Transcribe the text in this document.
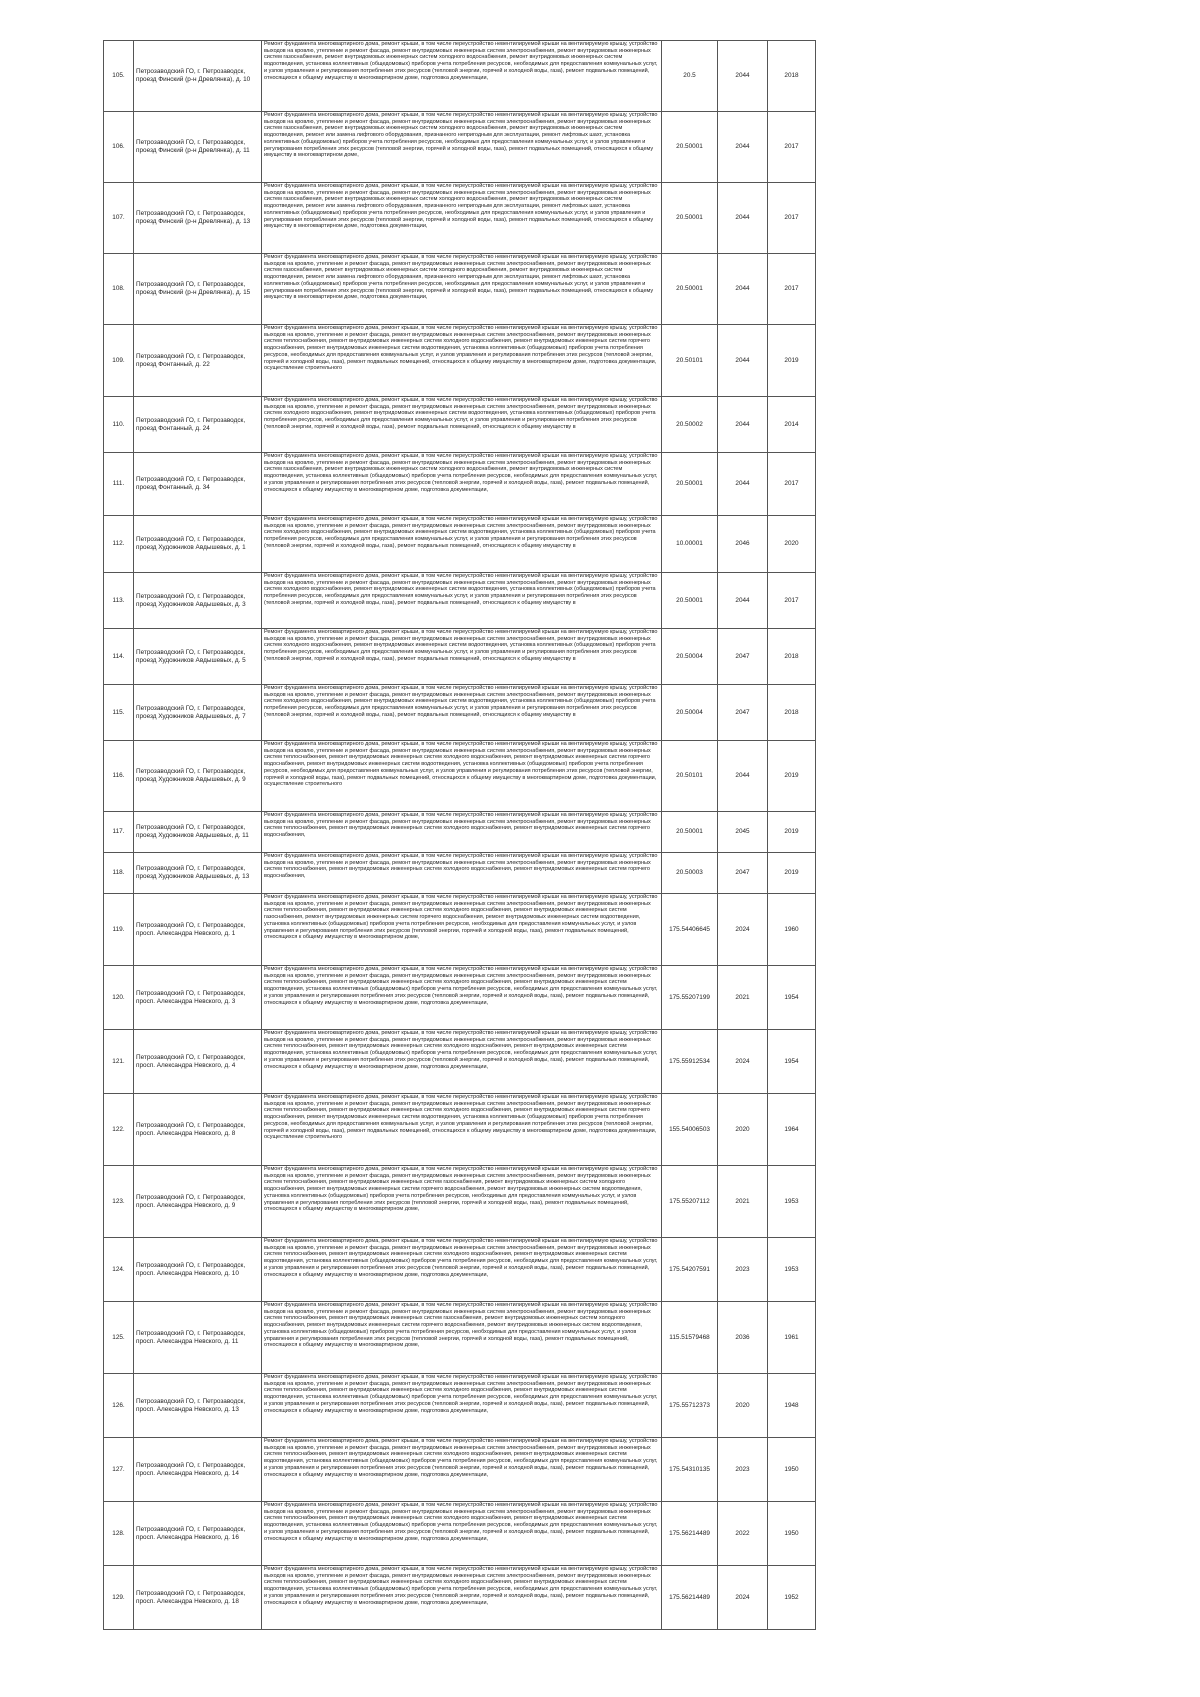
105.	Петрозаводский ГО, г. Петрозаводск, проезд Финский (р-н Древлянка), д. 10	Ремонт фундамента многоквартирного дома, ремонт крыши, в том числе переустройство невентилируемой крыши на вентилируемую крышу, устройство выходов на кровлю, утепление и ремонт фасада, ремонт внутридомовых инженерных систем электроснабжения, ремонт внутридомовых инженерных систем газоснабжения, ремонт внутридомовых инженерных систем холодного водоснабжения, ремонт внутридомовых инженерных систем водоотведения, установка коллективных (общедомовых) приборов учета потребления ресурсов, необходимых для предоставления коммунальных услуг, и узлов управления и регулирования потребления этих ресурсов (тепловой энергии, горячей и холодной воды, газа), ремонт подвальных помещений, относящихся к общему имуществу в многоквартирном доме, подготовка документации,	20.5	2044	2018
106.	Петрозаводский ГО, г. Петрозаводск, проезд Финский (р-н Древлянка), д. 11	Ремонт фундамента многоквартирного дома, ремонт крыши, в том числе переустройство невентилируемой крыши на вентилируемую крышу, устройство выходов на кровлю, утепление и ремонт фасада, ремонт внутридомовых инженерных систем электроснабжения, ремонт внутридомовых инженерных систем газоснабжения, ремонт внутридомовых инженерных систем холодного водоснабжения, ремонт внутридомовых инженерных систем водоотведения, ремонт или замена лифтового оборудования, признанного непригодным для эксплуатации, ремонт лифтовых шахт, установка коллективных (общедомовых) приборов учета потребления ресурсов, необходимых для предоставления коммунальных услуг, и узлов управления и регулирования потребления этих ресурсов (тепловой энергии, горячей и холодной воды, газа), ремонт подвальных помещений, относящихся к общему имуществу в многоквартирном доме,	20.50001	2044	2017
107.	Петрозаводский ГО, г. Петрозаводск, проезд Финский (р-н Древлянка), д. 13	Ремонт фундамента многоквартирного дома, ремонт крыши, в том числе переустройство невентилируемой крыши на вентилируемую крышу, устройство выходов на кровлю, утепление и ремонт фасада, ремонт внутридомовых инженерных систем электроснабжения, ремонт внутридомовых инженерных систем газоснабжения, ремонт внутридомовых инженерных систем холодного водоснабжения, ремонт внутридомовых инженерных систем водоотведения, ремонт или замена лифтового оборудования, признанного непригодным для эксплуатации, ремонт лифтовых шахт, установка коллективных (общедомовых) приборов учета потребления ресурсов, необходимых для предоставления коммунальных услуг, и узлов управления и регулирования потребления этих ресурсов (тепловой энергии, горячей и холодной воды, газа), ремонт подвальных помещений, относящихся к общему имуществу в многоквартирном доме, подготовка документации,	20.50001	2044	2017
108.	Петрозаводский ГО, г. Петрозаводск, проезд Финский (р-н Древлянка), д. 15	Ремонт фундамента многоквартирного дома, ремонт крыши, в том числе переустройство невентилируемой крыши на вентилируемую крышу, устройство выходов на кровлю, утепление и ремонт фасада, ремонт внутридомовых инженерных систем электроснабжения, ремонт внутридомовых инженерных систем газоснабжения, ремонт внутридомовых инженерных систем холодного водоснабжения, ремонт внутридомовых инженерных систем водоотведения, ремонт или замена лифтового оборудования, признанного непригодным для эксплуатации, ремонт лифтовых шахт, установка коллективных (общедомовых) приборов учета потребления ресурсов, необходимых для предоставления коммунальных услуг, и узлов управления и регулирования потребления этих ресурсов (тепловой энергии, горячей и холодной воды, газа), ремонт подвальных помещений, относящихся к общему имуществу в многоквартирном доме, подготовка документации,	20.50001	2044	2017
109.	Петрозаводский ГО, г. Петрозаводск, проезд Фонтанный, д. 22	Ремонт фундамента многоквартирного дома, ремонт крыши, в том числе переустройство невентилируемой крыши на вентилируемую крышу, устройство выходов на кровлю, утепление и ремонт фасада, ремонт внутридомовых инженерных систем электроснабжения, ремонт внутридомовых инженерных систем теплоснабжения, ремонт внутридомовых инженерных систем холодного водоснабжения, ремонт внутридомовых инженерных систем горячего водоснабжения, ремонт внутридомовых инженерных систем водоотведения, установка коллективных (общедомовых) приборов учета потребления ресурсов, необходимых для предоставления коммунальных услуг, и узлов управления и регулирования потребления этих ресурсов (тепловой энергии, горячей и холодной воды, газа), ремонт подвальных помещений, относящихся к общему имуществу в многоквартирном доме, подготовка документации, осуществление строительного	20.50101	2044	2019
110.	Петрозаводский ГО, г. Петрозаводск, проезд Фонтанный, д. 24	Ремонт фундамента многоквартирного дома, ремонт крыши, в том числе переустройство невентилируемой крыши на вентилируемую крышу, устройство выходов на кровлю, утепление и ремонт фасада, ремонт внутридомовых инженерных систем электроснабжения, ремонт внутридомовых инженерных систем холодного водоснабжения, ремонт внутридомовых инженерных систем водоотведения, установка коллективных (общедомовых) приборов учета потребления ресурсов, необходимых для предоставления коммунальных услуг, и узлов управления и регулирования потребления этих ресурсов (тепловой энергии, горячей и холодной воды, газа), ремонт подвальных помещений, относящихся к общему имуществу в	20.50002	2044	2014
111.	Петрозаводский ГО, г. Петрозаводск, проезд Фонтанный, д. 34	Ремонт фундамента многоквартирного дома, ремонт крыши, в том числе переустройство невентилируемой крыши на вентилируемую крышу, устройство выходов на кровлю, утепление и ремонт фасада, ремонт внутридомовых инженерных систем электроснабжения, ремонт внутридомовых инженерных систем газоснабжения, ремонт внутридомовых инженерных систем холодного водоснабжения, ремонт внутридомовых инженерных систем водоотведения, установка коллективных (общедомовых) приборов учета потребления ресурсов, необходимых для предоставления коммунальных услуг, и узлов управления и регулирования потребления этих ресурсов (тепловой энергии, горячей и холодной воды, газа), ремонт подвальных помещений, относящихся к общему имуществу в многоквартирном доме, подготовка документации,	20.50001	2044	2017
112.	Петрозаводский ГО, г. Петрозаводск, проезд Художников Авдышевых, д. 1	Ремонт фундамента многоквартирного дома, ремонт крыши, в том числе переустройство невентилируемой крыши на вентилируемую крышу, устройство выходов на кровлю, утепление и ремонт фасада, ремонт внутридомовых инженерных систем электроснабжения, ремонт внутридомовых инженерных систем холодного водоснабжения, ремонт внутридомовых инженерных систем водоотведения, установка коллективных (общедомовых) приборов учета потребления ресурсов, необходимых для предоставления коммунальных услуг, и узлов управления и регулирования потребления этих ресурсов (тепловой энергии, горячей и холодной воды, газа), ремонт подвальных помещений, относящихся к общему имуществу в	10.00001	2046	2020
113.	Петрозаводский ГО, г. Петрозаводск, проезд Художников Авдышевых, д. 3	Ремонт фундамента многоквартирного дома, ремонт крыши, в том числе переустройство невентилируемой крыши на вентилируемую крышу, устройство выходов на кровлю, утепление и ремонт фасада, ремонт внутридомовых инженерных систем электроснабжения, ремонт внутридомовых инженерных систем холодного водоснабжения, ремонт внутридомовых инженерных систем водоотведения, установка коллективных (общедомовых) приборов учета потребления ресурсов, необходимых для предоставления коммунальных услуг, и узлов управления и регулирования потребления этих ресурсов (тепловой энергии, горячей и холодной воды, газа), ремонт подвальных помещений, относящихся к общему имуществу в	20.50001	2044	2017
114.	Петрозаводский ГО, г. Петрозаводск, проезд Художников Авдышевых, д. 5	Ремонт фундамента многоквартирного дома, ремонт крыши, в том числе переустройство невентилируемой крыши на вентилируемую крышу, устройство выходов на кровлю, утепление и ремонт фасада, ремонт внутридомовых инженерных систем электроснабжения, ремонт внутридомовых инженерных систем холодного водоснабжения, ремонт внутридомовых инженерных систем водоотведения, установка коллективных (общедомовых) приборов учета потребления ресурсов, необходимых для предоставления коммунальных услуг, и узлов управления и регулирования потребления этих ресурсов (тепловой энергии, горячей и холодной воды, газа), ремонт подвальных помещений, относящихся к общему имуществу в	20.50004	2047	2018
115.	Петрозаводский ГО, г. Петрозаводск, проезд Художников Авдышевых, д. 7	Ремонт фундамента многоквартирного дома, ремонт крыши, в том числе переустройство невентилируемой крыши на вентилируемую крышу, устройство выходов на кровлю, утепление и ремонт фасада, ремонт внутридомовых инженерных систем электроснабжения, ремонт внутридомовых инженерных систем холодного водоснабжения, ремонт внутридомовых инженерных систем водоотведения, установка коллективных (общедомовых) приборов учета потребления ресурсов, необходимых для предоставления коммунальных услуг, и узлов управления и регулирования потребления этих ресурсов (тепловой энергии, горячей и холодной воды, газа), ремонт подвальных помещений, относящихся к общему имуществу в	20.50004	2047	2018
116.	Петрозаводский ГО, г. Петрозаводск, проезд Художников Авдышевых, д. 9	Ремонт фундамента многоквартирного дома, ремонт крыши, в том числе переустройство невентилируемой крыши на вентилируемую крышу, устройство выходов на кровлю, утепление и ремонт фасада, ремонт внутридомовых инженерных систем электроснабжения, ремонт внутридомовых инженерных систем теплоснабжения, ремонт внутридомовых инженерных систем холодного водоснабжения, ремонт внутридомовых инженерных систем горячего водоснабжения, ремонт внутридомовых инженерных систем водоотведения, установка коллективных (общедомовых) приборов учета потребления ресурсов, необходимых для предоставления коммунальных услуг, и узлов управления и регулирования потребления этих ресурсов (тепловой энергии, горячей и холодной воды, газа), ремонт подвальных помещений, относящихся к общему имуществу в многоквартирном доме, подготовка документации, осуществление строительного	20.50101	2044	2019
117.	Петрозаводский ГО, г. Петрозаводск, проезд Художников Авдышевых, д. 11	Ремонт фундамента многоквартирного дома, ремонт крыши, в том числе переустройство невентилируемой крыши на вентилируемую крышу, устройство выходов на кровлю, утепление и ремонт фасада, ремонт внутридомовых инженерных систем электроснабжения, ремонт внутридомовых инженерных систем теплоснабжения, ремонт внутридомовых инженерных систем холодного водоснабжения, ремонт внутридомовых инженерных систем горячего водоснабжения,	20.50001	2045	2019
118.	Петрозаводский ГО, г. Петрозаводск, проезд Художников Авдышевых, д. 13	Ремонт фундамента многоквартирного дома, ремонт крыши, в том числе переустройство невентилируемой крыши на вентилируемую крышу, устройство выходов на кровлю, утепление и ремонт фасада, ремонт внутридомовых инженерных систем электроснабжения, ремонт внутридомовых инженерных систем теплоснабжения, ремонт внутридомовых инженерных систем холодного водоснабжения, ремонт внутридомовых инженерных систем горячего водоснабжения,	20.50003	2047	2019
119.	Петрозаводский ГО, г. Петрозаводск, просп. Александра Невского, д. 1	Ремонт фундамента многоквартирного дома, ремонт крыши, в том числе переустройство невентилируемой крыши на вентилируемую крышу, устройство выходов на кровлю, утепление и ремонт фасада, ремонт внутридомовых инженерных систем электроснабжения, ремонт внутридомовых инженерных систем теплоснабжения, ремонт внутридомовых инженерных систем холодного водоснабжения, ремонт внутридомовых инженерных систем газоснабжения, ремонт внутридомовых инженерных систем горячего водоснабжения, ремонт внутридомовых инженерных систем водоотведения, установка коллективных (общедомовых) приборов учета потребления ресурсов, необходимых для предоставления коммунальных услуг, и узлов управления и регулирования потребления этих ресурсов (тепловой энергии, горячей и холодной воды, газа), ремонт подвальных помещений, относящихся к общему имуществу в многоквартирном доме,	175.54406645	2024	1960
120.	Петрозаводский ГО, г. Петрозаводск, просп. Александра Невского, д. 3	Ремонт фундамента многоквартирного дома, ремонт крыши, в том числе переустройство невентилируемой крыши на вентилируемую крышу, устройство выходов на кровлю, утепление и ремонт фасада, ремонт внутридомовых инженерных систем электроснабжения, ремонт внутридомовых инженерных систем теплоснабжения, ремонт внутридомовых инженерных систем холодного водоснабжения, ремонт внутридомовых инженерных систем водоотведения, установка коллективных (общедомовых) приборов учета потребления ресурсов, необходимых для предоставления коммунальных услуг, и узлов управления и регулирования потребления этих ресурсов (тепловой энергии, горячей и холодной воды, газа), ремонт подвальных помещений, относящихся к общему имуществу в многоквартирном доме, подготовка документации,	175.55207199	2021	1954
121.	Петрозаводский ГО, г. Петрозаводск, просп. Александра Невского, д. 4	Ремонт фундамента многоквартирного дома, ремонт крыши, в том числе переустройство невентилируемой крыши на вентилируемую крышу, устройство выходов на кровлю, утепление и ремонт фасада, ремонт внутридомовых инженерных систем электроснабжения, ремонт внутридомовых инженерных систем теплоснабжения, ремонт внутридомовых инженерных систем холодного водоснабжения, ремонт внутридомовых инженерных систем водоотведения, установка коллективных (общедомовых) приборов учета потребления ресурсов, необходимых для предоставления коммунальных услуг, и узлов управления и регулирования потребления этих ресурсов (тепловой энергии, горячей и холодной воды, газа), ремонт подвальных помещений, относящихся к общему имуществу в многоквартирном доме, подготовка документации,	175.55912534	2024	1954
122.	Петрозаводский ГО, г. Петрозаводск, просп. Александра Невского, д. 8	Ремонт фундамента многоквартирного дома, ремонт крыши, в том числе переустройство невентилируемой крыши на вентилируемую крышу, устройство выходов на кровлю, утепление и ремонт фасада, ремонт внутридомовых инженерных систем электроснабжения, ремонт внутридомовых инженерных систем теплоснабжения, ремонт внутридомовых инженерных систем холодного водоснабжения, ремонт внутридомовых инженерных систем горячего водоснабжения, ремонт внутридомовых инженерных систем водоотведения, установка коллективных (общедомовых) приборов учета потребления ресурсов, необходимых для предоставления коммунальных услуг, и узлов управления и регулирования потребления этих ресурсов (тепловой энергии, горячей и холодной воды, газа), ремонт подвальных помещений, относящихся к общему имуществу в многоквартирном доме, подготовка документации, осуществление строительного	155.54006503	2020	1964
123.	Петрозаводский ГО, г. Петрозаводск, просп. Александра Невского, д. 9	Ремонт фундамента многоквартирного дома, ремонт крыши, в том числе переустройство невентилируемой крыши на вентилируемую крышу, устройство выходов на кровлю, утепление и ремонт фасада, ремонт внутридомовых инженерных систем электроснабжения, ремонт внутридомовых инженерных систем теплоснабжения, ремонт внутридомовых инженерных систем газоснабжения, ремонт внутридомовых инженерных систем холодного водоснабжения, ремонт внутридомовых инженерных систем горячего водоснабжения, ремонт внутридомовых инженерных систем водоотведения, установка коллективных (общедомовых) приборов учета потребления ресурсов, необходимых для предоставления коммунальных услуг, и узлов управления и регулирования потребления этих ресурсов (тепловой энергии, горячей и холодной воды, газа), ремонт подвальных помещений, относящихся к общему имуществу в многоквартирном доме,	175.55207112	2021	1953
124.	Петрозаводский ГО, г. Петрозаводск, просп. Александра Невского, д. 10	Ремонт фундамента многоквартирного дома, ремонт крыши, в том числе переустройство невентилируемой крыши на вентилируемую крышу, устройство выходов на кровлю, утепление и ремонт фасада, ремонт внутридомовых инженерных систем электроснабжения, ремонт внутридомовых инженерных систем теплоснабжения, ремонт внутридомовых инженерных систем холодного водоснабжения, ремонт внутридомовых инженерных систем водоотведения, установка коллективных (общедомовых) приборов учета потребления ресурсов, необходимых для предоставления коммунальных услуг, и узлов управления и регулирования потребления этих ресурсов (тепловой энергии, горячей и холодной воды, газа), ремонт подвальных помещений, относящихся к общему имуществу в многоквартирном доме, подготовка документации,	175.54207591	2023	1953
125.	Петрозаводский ГО, г. Петрозаводск, просп. Александра Невского, д. 11	Ремонт фундамента многоквартирного дома, ремонт крыши, в том числе переустройство невентилируемой крыши на вентилируемую крышу, устройство выходов на кровлю, утепление и ремонт фасада, ремонт внутридомовых инженерных систем электроснабжения, ремонт внутридомовых инженерных систем теплоснабжения, ремонт внутридомовых инженерных систем газоснабжения, ремонт внутридомовых инженерных систем холодного водоснабжения, ремонт внутридомовых инженерных систем горячего водоснабжения, ремонт внутридомовых инженерных систем водоотведения, установка коллективных (общедомовых) приборов учета потребления ресурсов, необходимых для предоставления коммунальных услуг, и узлов управления и регулирования потребления этих ресурсов (тепловой энергии, горячей и холодной воды, газа), ремонт подвальных помещений, относящихся к общему имуществу в многоквартирном доме,	115.51579468	2036	1961
126.	Петрозаводский ГО, г. Петрозаводск, просп. Александра Невского, д. 13	Ремонт фундамента многоквартирного дома, ремонт крыши, в том числе переустройство невентилируемой крыши на вентилируемую крышу, устройство выходов на кровлю, утепление и ремонт фасада, ремонт внутридомовых инженерных систем электроснабжения, ремонт внутридомовых инженерных систем теплоснабжения, ремонт внутридомовых инженерных систем холодного водоснабжения, ремонт внутридомовых инженерных систем водоотведения, установка коллективных (общедомовых) приборов учета потребления ресурсов, необходимых для предоставления коммунальных услуг, и узлов управления и регулирования потребления этих ресурсов (тепловой энергии, горячей и холодной воды, газа), ремонт подвальных помещений, относящихся к общему имуществу в многоквартирном доме, подготовка документации,	175.55712373	2020	1948
127.	Петрозаводский ГО, г. Петрозаводск, просп. Александра Невского, д. 14	Ремонт фундамента многоквартирного дома, ремонт крыши, в том числе переустройство невентилируемой крыши на вентилируемую крышу, устройство выходов на кровлю, утепление и ремонт фасада, ремонт внутридомовых инженерных систем электроснабжения, ремонт внутридомовых инженерных систем теплоснабжения, ремонт внутридомовых инженерных систем холодного водоснабжения, ремонт внутридомовых инженерных систем водоотведения, установка коллективных (общедомовых) приборов учета потребления ресурсов, необходимых для предоставления коммунальных услуг, и узлов управления и регулирования потребления этих ресурсов (тепловой энергии, горячей и холодной воды, газа), ремонт подвальных помещений, относящихся к общему имуществу в многоквартирном доме, подготовка документации,	175.54310135	2023	1950
128.	Петрозаводский ГО, г. Петрозаводск, просп. Александра Невского, д. 16	Ремонт фундамента многоквартирного дома, ремонт крыши, в том числе переустройство невентилируемой крыши на вентилируемую крышу, устройство выходов на кровлю, утепление и ремонт фасада, ремонт внутридомовых инженерных систем электроснабжения, ремонт внутридомовых инженерных систем теплоснабжения, ремонт внутридомовых инженерных систем холодного водоснабжения, ремонт внутридомовых инженерных систем водоотведения, установка коллективных (общедомовых) приборов учета потребления ресурсов, необходимых для предоставления коммунальных услуг, и узлов управления и регулирования потребления этих ресурсов (тепловой энергии, горячей и холодной воды, газа), ремонт подвальных помещений, относящихся к общему имуществу в многоквартирном доме, подготовка документации,	175.56214489	2022	1950
129.	Петрозаводский ГО, г. Петрозаводск, просп. Александра Невского, д. 18	Ремонт фундамента многоквартирного дома, ремонт крыши, в том числе переустройство невентилируемой крыши на вентилируемую крышу, устройство выходов на кровлю, утепление и ремонт фасада, ремонт внутридомовых инженерных систем электроснабжения, ремонт внутридомовых инженерных систем теплоснабжения, ремонт внутридомовых инженерных систем холодного водоснабжения, ремонт внутридомовых инженерных систем водоотведения, установка коллективных (общедомовых) приборов учета потребления ресурсов, необходимых для предоставления коммунальных услуг, и узлов управления и регулирования потребления этих ресурсов (тепловой энергии, горячей и холодной воды, газа), ремонт подвальных помещений, относящихся к общему имуществу в многоквартирном доме, подготовка документации,	175.56214489	2024	1952
